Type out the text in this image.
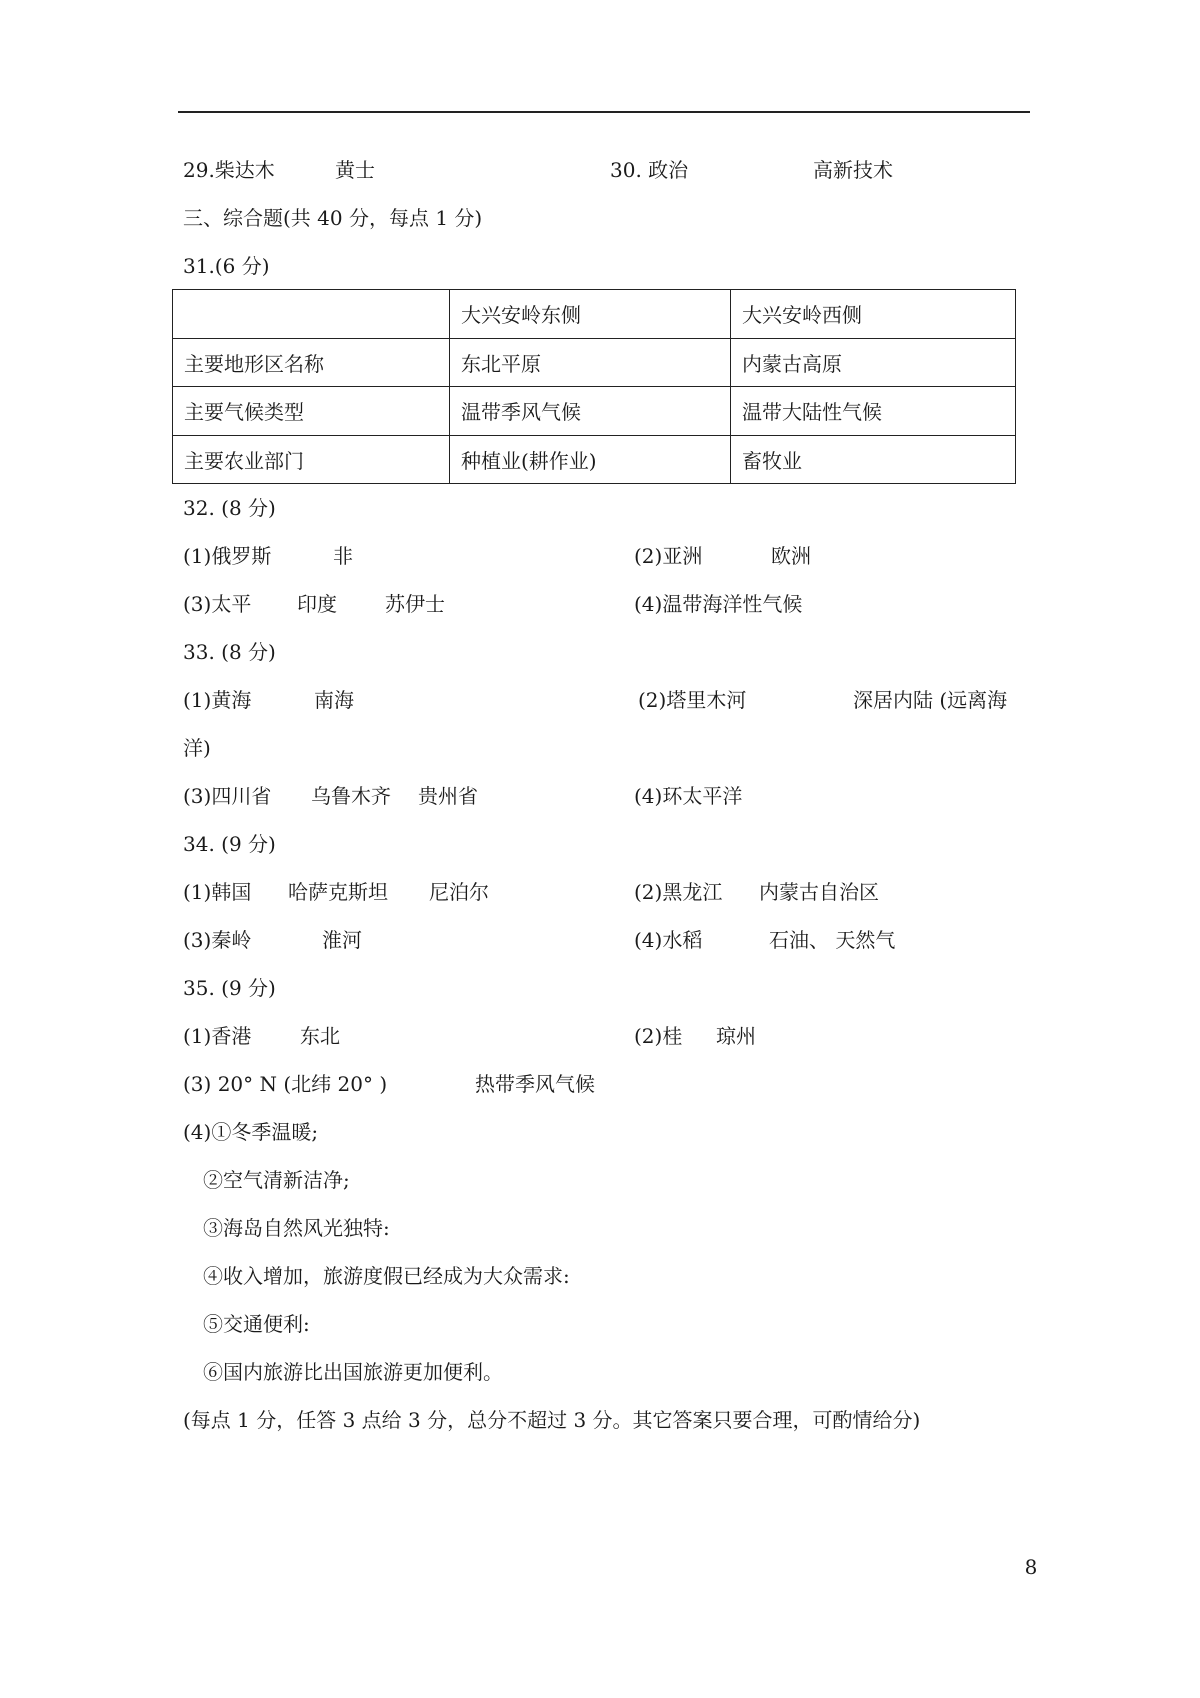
29.柴达木	黄士	30. 政治	高新技术
三、综合题(共 40 分，每点 1 分)
31.(6 分)
	大兴安岭东侧	大兴安岭西侧
主要地形区名称	东北平原	内蒙古高原
主要气候类型	温带季风气候	温带大陆性气候
主要农业部门	种植业(耕作业)	畜牧业
32. (8 分)
(1)俄罗斯	非	(2)亚洲	欧洲
(3)太平 印度 苏伊士	(4)温带海洋性气候
33. (8 分)
(1)黄海	南海	(2)塔里木河	深居内陆 (远离海
洋)
(3)四川省 乌鲁木齐 贵州省	(4)环太平洋
34. (9 分)
(1)韩国 哈萨克斯坦 尼泊尔	(2)黑龙江 内蒙古自治区
(3)秦岭	淮河	(4)水稻	石油、 天然气
35. (9 分)
(1)香港 东北	(2)桂 琼州
(3) 20° N (北纬 20° )	热带季风气候
(4)①冬季温暖;
②空气清新洁净;
③海岛自然风光独特:
④收入增加，旅游度假已经成为大众需求:
⑤交通便利:
⑥国内旅游比出国旅游更加便利。
(每点 1 分，任答 3 点给 3 分，总分不超过 3 分。其它答案只要合理，可酌情给分)
8
